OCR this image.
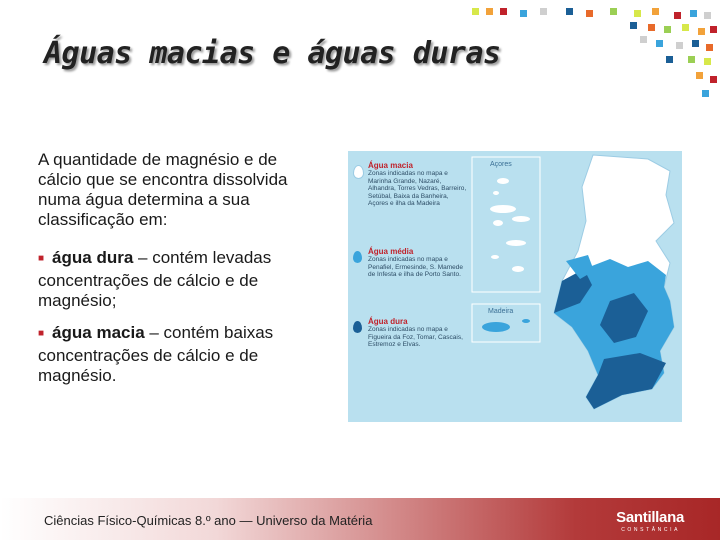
Águas macias e águas duras
A quantidade de magnésio e de cálcio que se encontra dissolvida numa água determina a sua classificação em:
■ água dura – contém levadas concentrações de cálcio e de magnésio;
■ água macia – contém baixas concentrações de cálcio e de magnésio.
Açores
Madeira
Água macia
Zonas indicadas no mapa e Marinha Grande, Nazaré, Alhandra, Torres Vedras, Barreiro, Setúbal, Baixa da Banheira, Açores e ilha da Madeira
Água média
Zonas indicadas no mapa e Penafiel, Ermesinde, S. Mamede de Infesta e ilha de Porto Santo.
Água dura
Zonas indicadas no mapa e Figueira da Foz, Tomar, Cascais, Estremoz e Elvas.
Ciências Físico-Químicas 8.º ano — Universo da Matéria	Santillana
CONSTÂNCIA
